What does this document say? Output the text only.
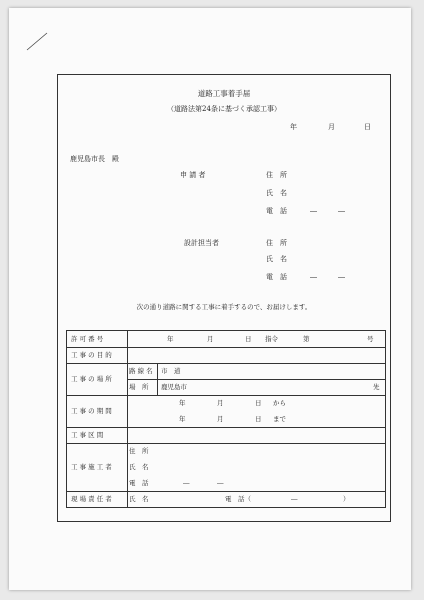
道路工事着手届
（道路法第24条に基づく承認工事）
年	月	日
鹿児島市長　殿
申 請 者	住　所
氏　名
電　話	―	―
設計担当者	住　所
氏　名
電　話	―	―
次の通り道路に関する工事に着手するので、お届けします。
許 可 番 号	年	月	日 指令	第	号
工 事 の 目 的
工 事 の 場 所
路 線 名 市　道
場　所 鹿児島市	先
工 事 の 期 間
年	月	日 から
年	月	日 まで
工 事 区 間
工 事 施 工 者
住　所
氏　名
電　話	―	―
現 場 責 任 者	氏　名	電　話（	―	）
